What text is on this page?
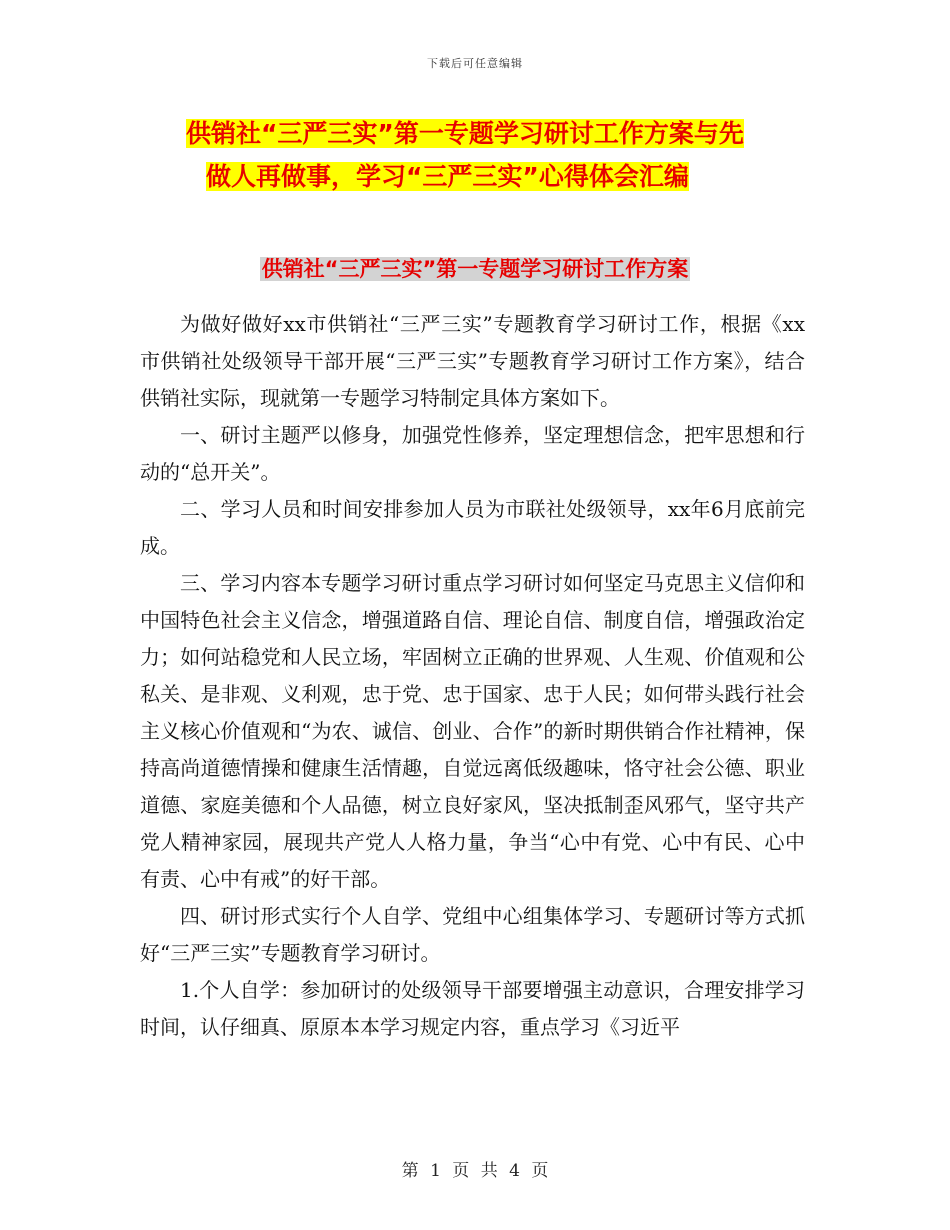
下载后可任意编辑
供销社“三严三实”第一专题学习研讨工作方案与先
做人再做事，学习“三严三实”心得体会汇编
供销社“三严三实”第一专题学习研讨工作方案

为做好做好xx市供销社“三严三实”专题教育学习研讨工作，根据《xx市供销社处级领导干部开展“三严三实”专题教育学习研讨工作方案》，结合供销社实际，现就第一专题学习特制定具体方案如下。

一、研讨主题严以修身，加强党性修养，坚定理想信念，把牢思想和行动的“总开关”。

二、学习人员和时间安排参加人员为市联社处级领导，xx年6月底前完成。

三、学习内容本专题学习研讨重点学习研讨如何坚定马克思主义信仰和中国特色社会主义信念，增强道路自信、理论自信、制度自信，增强政治定力；如何站稳党和人民立场，牢固树立正确的世界观、人生观、价值观和公私关、是非观、义利观，忠于党、忠于国家、忠于人民；如何带头践行社会主义核心价值观和“为农、诚信、创业、合作”的新时期供销合作社精神，保持高尚道德情操和健康生活情趣，自觉远离低级趣味，恪守社会公德、职业道德、家庭美德和个人品德，树立良好家风，坚决抵制歪风邪气，坚守共产党人精神家园，展现共产党人人格力量，争当“心中有党、心中有民、心中有责、心中有戒”的好干部。

四、研讨形式实行个人自学、党组中心组集体学习、专题研讨等方式抓好“三严三实”专题教育学习研讨。

1.个人自学：参加研讨的处级领导干部要增强主动意识，合理安排学习时间，认仔细真、原原本本学习规定内容，重点学习《习近平

第 1 页 共 4 页
